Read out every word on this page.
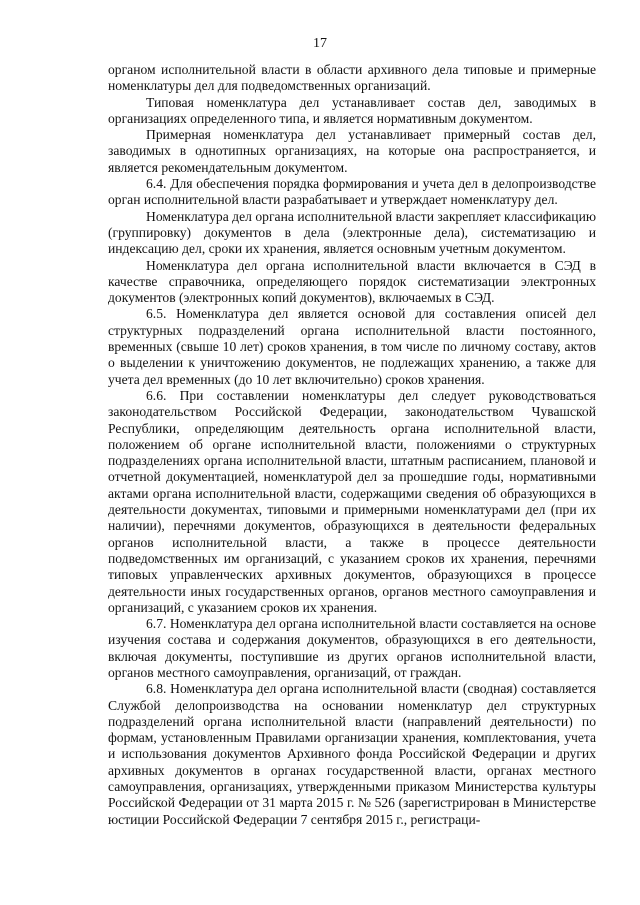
17

органом исполнительной власти в области архивного дела типовые и примерные номенклатуры дел для подведомственных организаций.

Типовая номенклатура дел устанавливает состав дел, заводимых в организациях определенного типа, и является нормативным документом.

Примерная номенклатура дел устанавливает примерный состав дел, заводимых в однотипных организациях, на которые она распространяется, и является рекомендательным документом.

6.4. Для обеспечения порядка формирования и учета дел в делопроизводстве орган исполнительной власти разрабатывает и утверждает номенклатуру дел.

Номенклатура дел органа исполнительной власти закрепляет классификацию (группировку) документов в дела (электронные дела), систематизацию и индексацию дел, сроки их хранения, является основным учетным документом.

Номенклатура дел органа исполнительной власти включается в СЭД в качестве справочника, определяющего порядок систематизации электронных документов (электронных копий документов), включаемых в СЭД.

6.5. Номенклатура дел является основой для составления описей дел структурных подразделений органа исполнительной власти постоянного, временных (свыше 10 лет) сроков хранения, в том числе по личному составу, актов о выделении к уничтожению документов, не подлежащих хранению, а также для учета дел временных (до 10 лет включительно) сроков хранения.

6.6. При составлении номенклатуры дел следует руководствоваться законодательством Российской Федерации, законодательством Чувашской Республики, определяющим деятельность органа исполнительной власти, положением об органе исполнительной власти, положениями о структурных подразделениях органа исполнительной власти, штатным расписанием, плановой и отчетной документацией, номенклатурой дел за прошедшие годы, нормативными актами органа исполнительной власти, содержащими сведения об образующихся в деятельности документах, типовыми и примерными номенклатурами дел (при их наличии), перечнями документов, образующихся в деятельности федеральных органов исполнительной власти, а также в процессе деятельности подведомственных им организаций, с указанием сроков их хранения, перечнями типовых управленческих архивных документов, образующихся в процессе деятельности иных государственных органов, органов местного самоуправления и организаций, с указанием сроков их хранения.

6.7. Номенклатура дел органа исполнительной власти составляется на основе изучения состава и содержания документов, образующихся в его деятельности, включая документы, поступившие из других органов исполнительной власти, органов местного самоуправления, организаций, от граждан.

6.8. Номенклатура дел органа исполнительной власти (сводная) составляется Службой делопроизводства на основании номенклатур дел структурных подразделений органа исполнительной власти (направлений деятельности) по формам, установленным Правилами организации хранения, комплектования, учета и использования документов Архивного фонда Российской Федерации и других архивных документов в органах государственной власти, органах местного самоуправления, организациях, утвержденными приказом Министерства культуры Российской Федерации от 31 марта 2015 г. № 526 (зарегистрирован в Министерстве юстиции Российской Федерации 7 сентября 2015 г., регистраци-
